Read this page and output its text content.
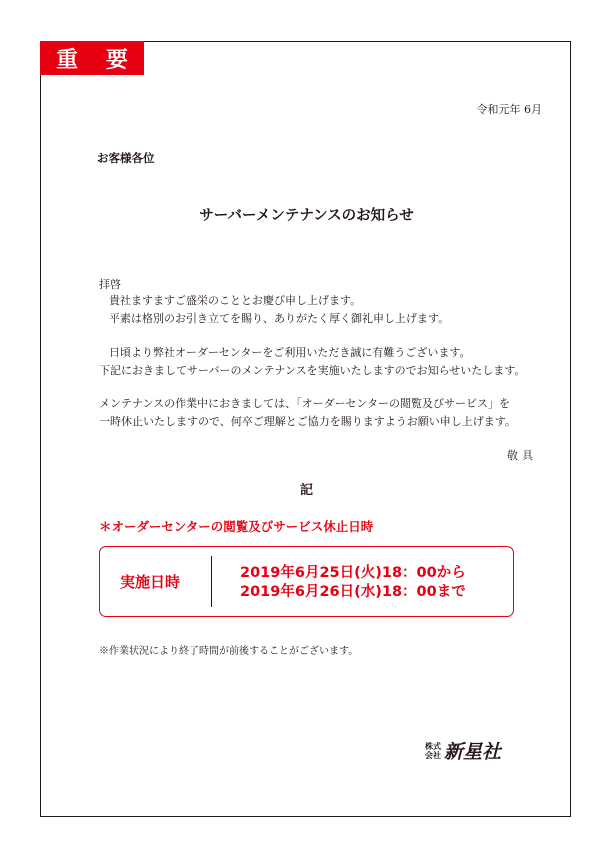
重 要
令和元年 6月
お客様各位
サーバーメンテナンスのお知らせ
拝啓
貴社ますますご盛栄のこととお慶び申し上げます。
平素は格別のお引き立てを賜り、ありがたく厚く御礼申し上げます。
日頃より弊社オーダーセンターをご利用いただき誠に有難うございます。
下記におきましてサーバーのメンテナンスを実施いたしますのでお知らせいたします。
メンテナンスの作業中におきましては、「オーダーセンターの閲覧及びサービス」を
一時休止いたしますので、何卒ご理解とご協力を賜りますようお願い申し上げます。
敬具
記
＊オーダーセンターの閲覧及びサービス休止日時
実施日時	2019年6月25日(火)18：00から
2019年6月26日(水)18：00まで
※作業状況により終了時間が前後することがございます。
株式
会社 新星社
